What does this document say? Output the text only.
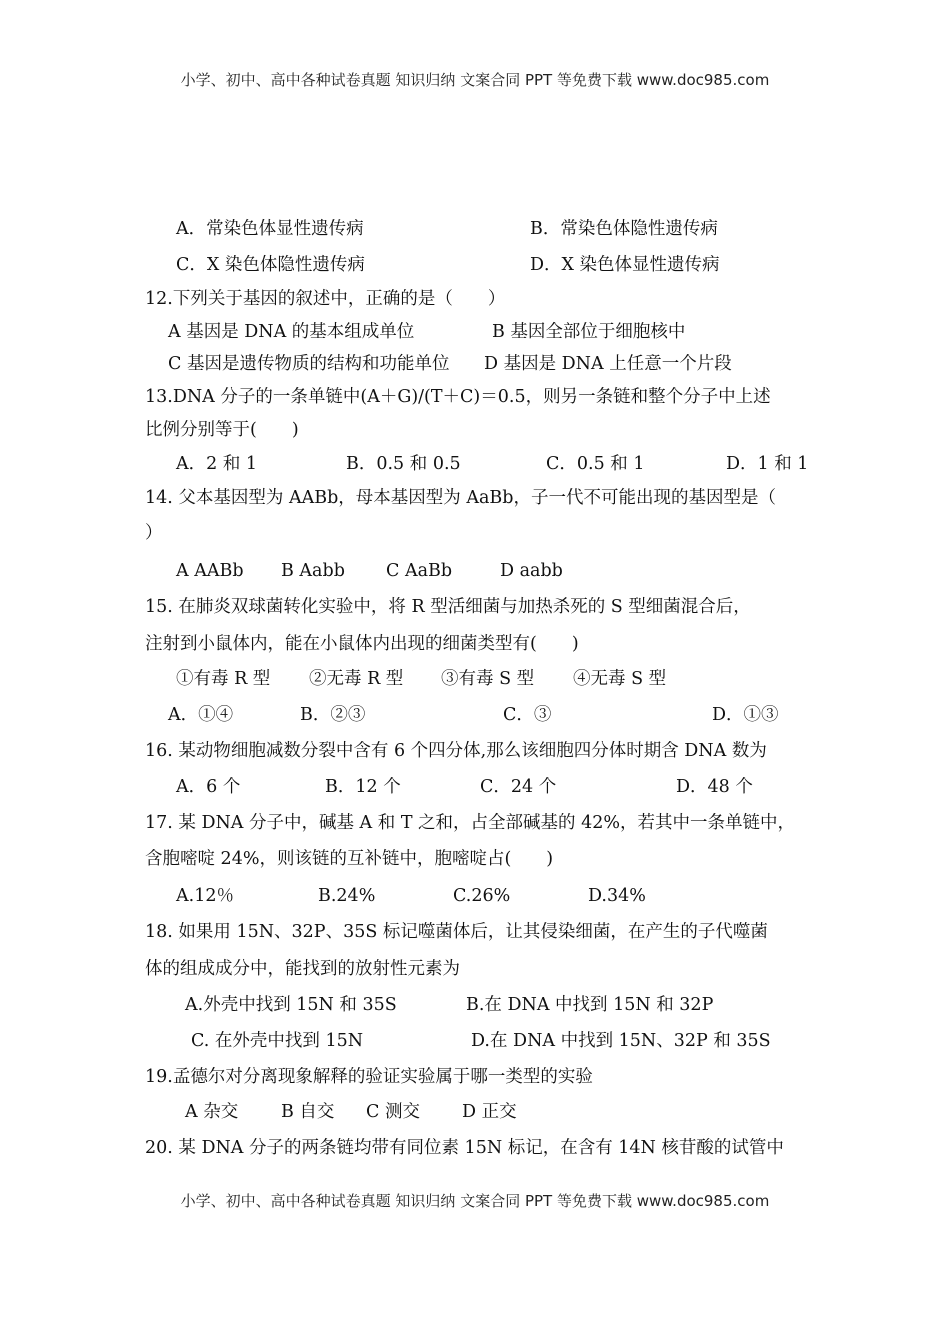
小学、初中、高中各种试卷真题 知识归纳 文案合同 PPT 等免费下载 www.doc985.com
A．常染色体显性遗传病	B．常染色体隐性遗传病
C．X 染色体隐性遗传病	D．X 染色体显性遗传病
12.下列关于基因的叙述中，正确的是（　　）
A 基因是 DNA 的基本组成单位	B 基因全部位于细胞核中
C 基因是遗传物质的结构和功能单位 D 基因是 DNA 上任意一个片段
13.DNA 分子的一条单链中(A＋G)/(T＋C)＝0.5，则另一条链和整个分子中上述
比例分别等于(　　)
A．2 和 1	B．0.5 和 0.5	C．0.5 和 1	D．1 和 1
14. 父本基因型为 AABb，母本基因型为 AaBb，子一代不可能出现的基因型是（
）
A AABb B Aabb C AaBb	D aabb
15. 在肺炎双球菌转化实验中，将 R 型活细菌与加热杀死的 S 型细菌混合后，
注射到小鼠体内，能在小鼠体内出现的细菌类型有(　　)
①有毒 R 型 ②无毒 R 型 ③有毒 S 型 ④无毒 S 型
A．①④	B．②③	C．③	D．①③
16. 某动物细胞减数分裂中含有 6 个四分体,那么该细胞四分体时期含 DNA 数为
A．6 个	B．12 个	C．24 个	D．48 个
17. 某 DNA 分子中，碱基 A 和 T 之和，占全部碱基的 42%，若其中一条单链中，
含胞嘧啶 24%，则该链的互补链中，胞嘧啶占(　　)
A.12％	B.24%	C.26%	D.34%
18. 如果用 15N、32P、35S 标记噬菌体后，让其侵染细菌，在产生的子代噬菌
体的组成成分中，能找到的放射性元素为
A.外壳中找到 15N 和 35S	B.在 DNA 中找到 15N 和 32P
C. 在外壳中找到 15N	D.在 DNA 中找到 15N、32P 和 35S
19.孟德尔对分离现象解释的验证实验属于哪一类型的实验
A 杂交 B 自交 C 测交 D 正交
20. 某 DNA 分子的两条链均带有同位素 15N 标记，在含有 14N 核苷酸的试管中
小学、初中、高中各种试卷真题 知识归纳 文案合同 PPT 等免费下载 www.doc985.com
